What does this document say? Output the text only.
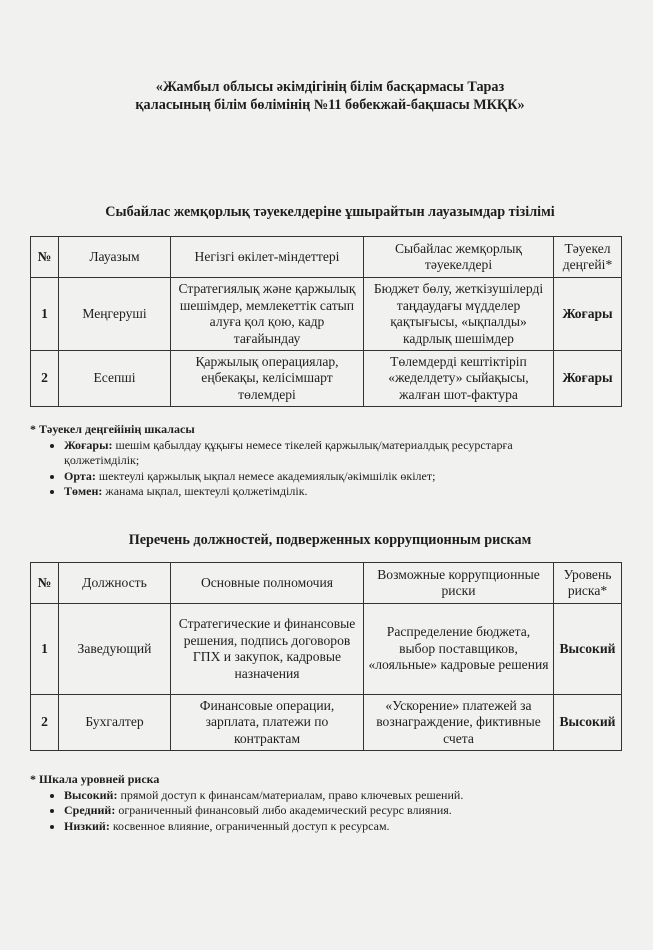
«Жамбыл облысы әкімдігінің білім басқармасы Тараз
қаласының білім бөлімінің №11 бөбекжай-бақшасы МКҚК»
Сыбайлас жемқорлық тәуекелдеріне ұшырайтын лауазымдар тізілімі
№	Лауазым	Негізгі өкілет-міндеттері	Сыбайлас жемқорлық тәуекелдері	Тәуекел деңгейі*
1	Меңгеруші	Стратегиялық және қаржылық шешімдер, мемлекеттік сатып алуға қол қою, кадр тағайындау	Бюджет бөлу, жеткізушілерді таңдаудағы мүдделер қақтығысы, «ықпалды» кадрлық шешімдер	Жоғары
2	Есепші	Қаржылық операциялар, еңбекақы, келісімшарт төлемдері	Төлемдерді кештіктіріп «жеделдету» сыйақысы, жалған шот-фактура	Жоғары
* Тәуекел деңгейінің шкаласы
• Жоғары: шешім қабылдау құқығы немесе тікелей қаржылық/материалдық ресурстарға қолжетімділік;
• Орта: шектеулі қаржылық ықпал немесе академиялық/әкімшілік өкілет;
• Төмен: жанама ықпал, шектеулі қолжетімділік.
Перечень должностей, подверженных коррупционным рискам
№	Должность	Основные полномочия	Возможные коррупционные риски	Уровень риска*
1	Заведующий	Стратегические и финансовые решения, подпись договоров ГПХ и закупок, кадровые назначения	Распределение бюджета, выбор поставщиков, «лояльные» кадровые решения	Высокий
2	Бухгалтер	Финансовые операции, зарплата, платежи по контрактам	«Ускорение» платежей за вознаграждение, фиктивные счета	Высокий
* Шкала уровней риска
• Высокий: прямой доступ к финансам/материалам, право ключевых решений.
• Средний: ограниченный финансовый либо академический ресурс влияния.
• Низкий: косвенное влияние, ограниченный доступ к ресурсам.
